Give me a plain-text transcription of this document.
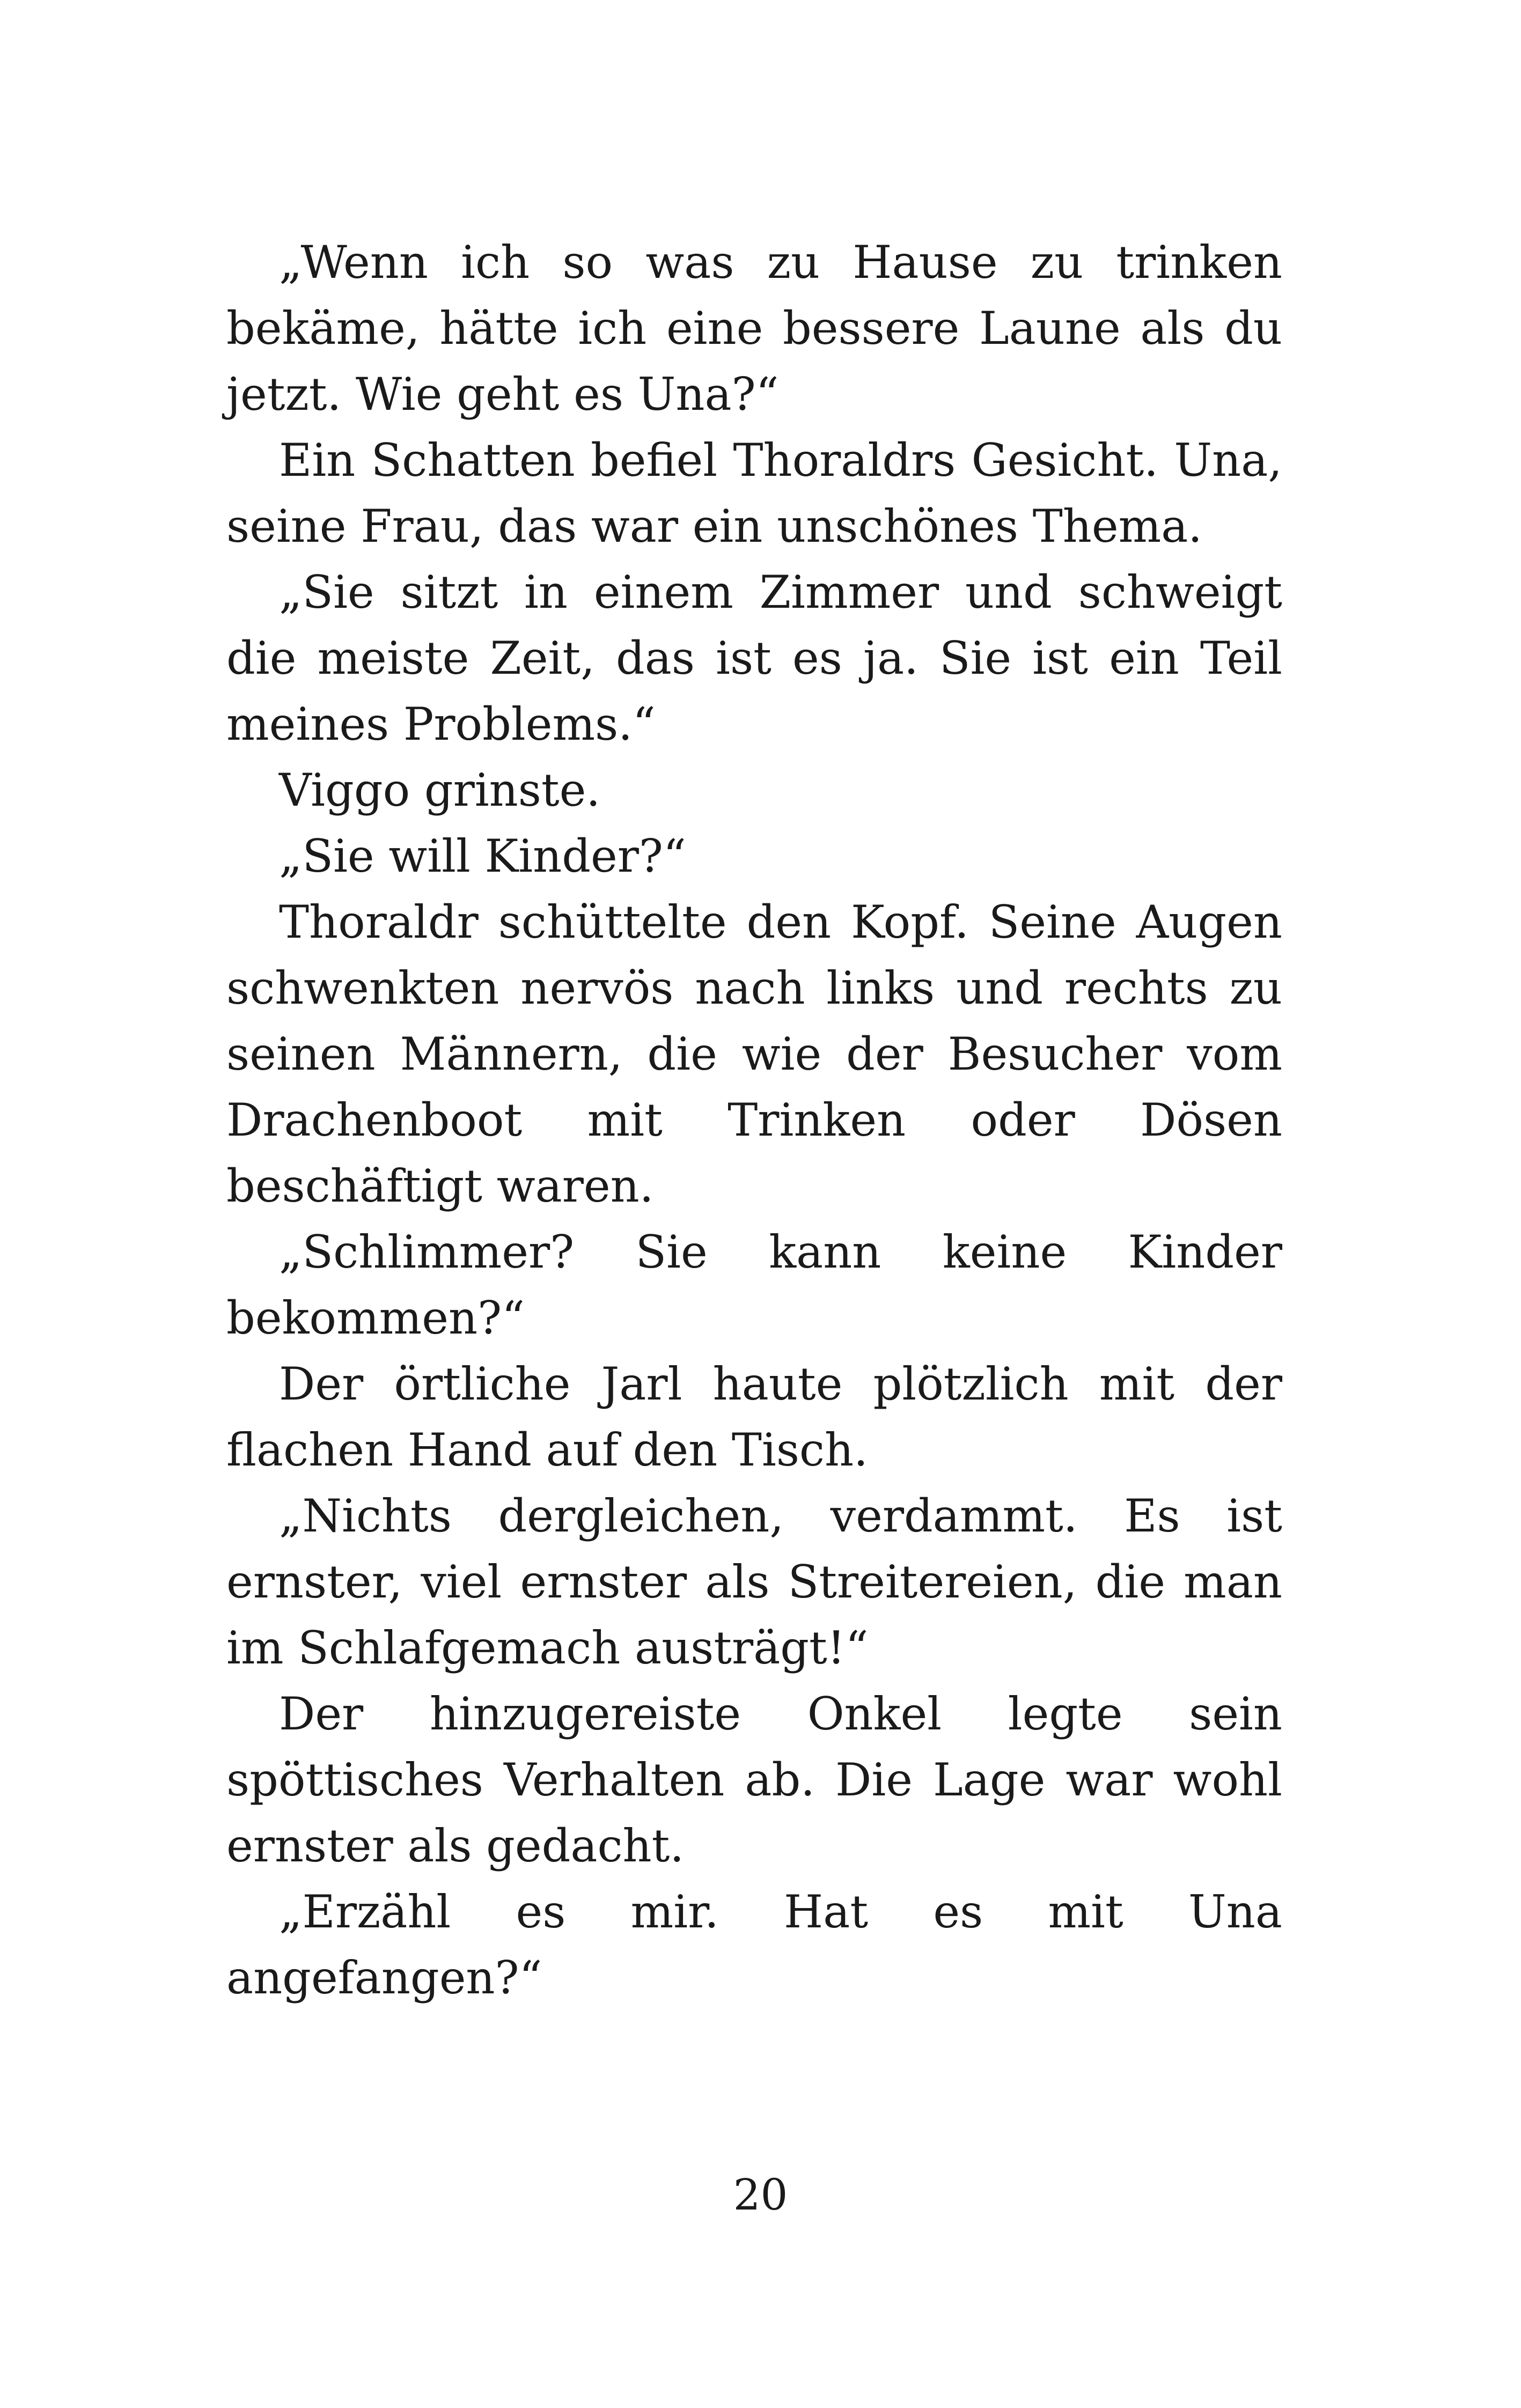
„Wenn ich so was zu Hause zu trinken bekäme, hätte ich eine bessere Laune als du jetzt. Wie geht es Una?“

Ein Schatten befiel Thoraldrs Gesicht. Una, seine Frau, das war ein unschönes Thema.

„Sie sitzt in einem Zimmer und schweigt die meiste Zeit, das ist es ja. Sie ist ein Teil meines Problems.“

Viggo grinste.

„Sie will Kinder?“

Thoraldr schüttelte den Kopf. Seine Augen schwenkten nervös nach links und rechts zu seinen Männern, die wie der Besucher vom Drachenboot mit Trinken oder Dösen beschäftigt waren.

„Schlimmer? Sie kann keine Kinder bekommen?“

Der örtliche Jarl haute plötzlich mit der flachen Hand auf den Tisch.

„Nichts dergleichen, verdammt. Es ist ernster, viel ernster als Streitereien, die man im Schlafgemach austrägt!“

Der hinzugereiste Onkel legte sein spöttisches Verhalten ab. Die Lage war wohl ernster als gedacht.

„Erzähl es mir. Hat es mit Una angefangen?“

20
